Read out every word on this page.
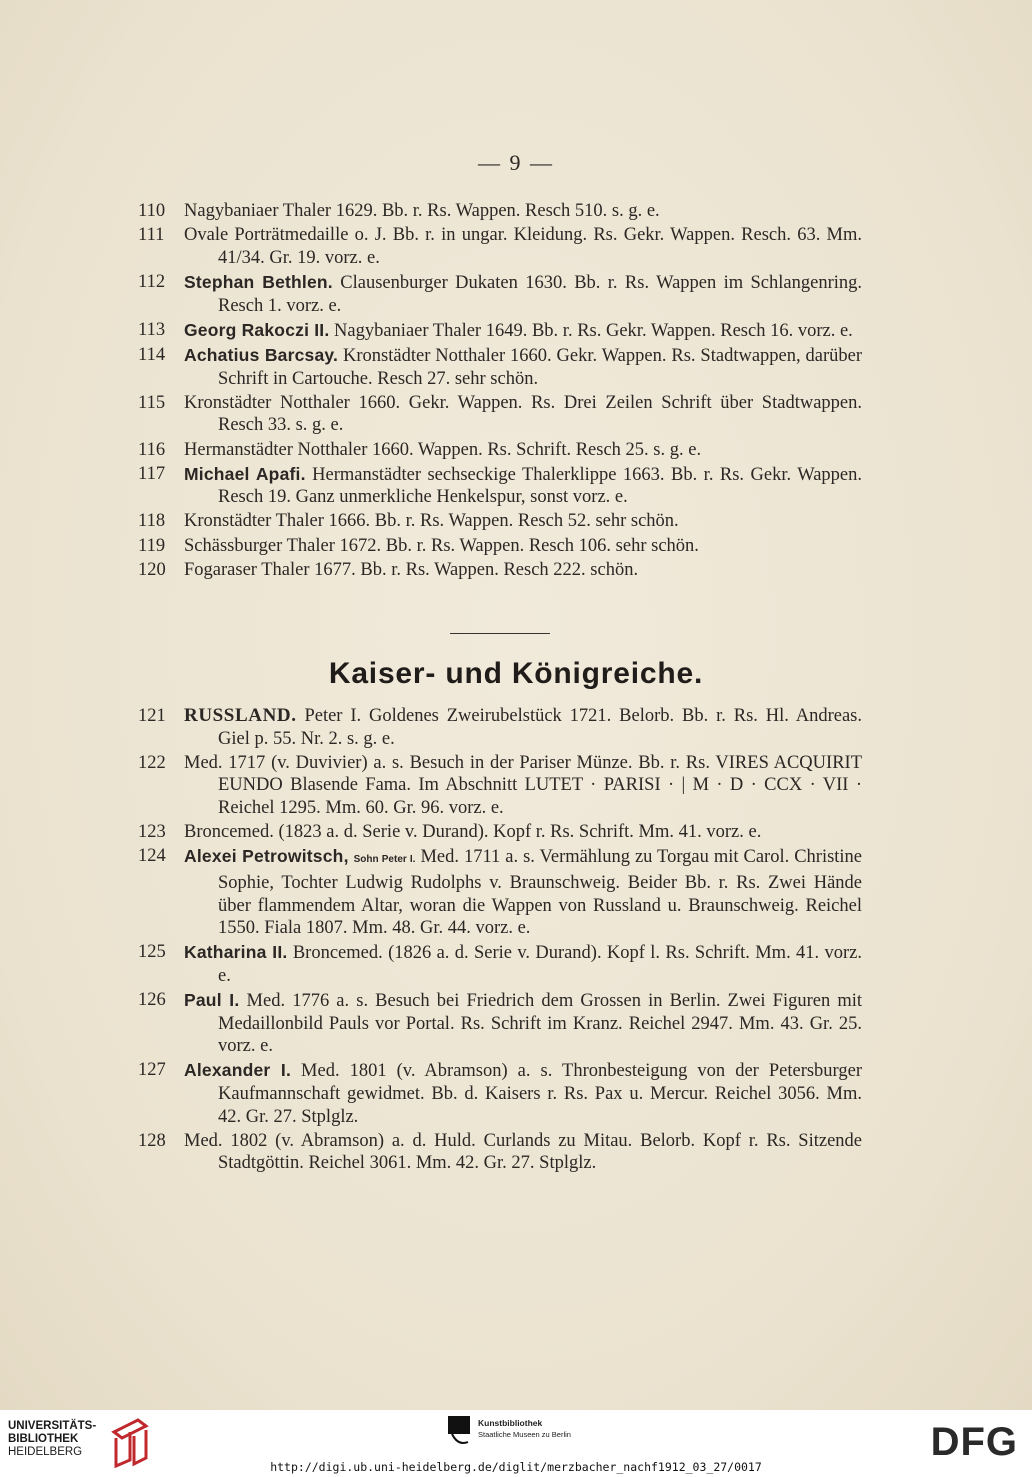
— 9 —
110	Nagybaniaer Thaler 1629. Bb. r. Rs. Wappen. Resch 510. s. g. e.
111	Ovale Porträtmedaille o. J. Bb. r. in ungar. Kleidung. Rs. Gekr. Wappen. Resch. 63. Mm. 41/34. Gr. 19. vorz. e.
112	Stephan Bethlen. Clausenburger Dukaten 1630. Bb. r. Rs. Wappen im Schlangenring. Resch 1. vorz. e.
113	Georg Rakoczi II. Nagybaniaer Thaler 1649. Bb. r. Rs. Gekr. Wappen. Resch 16. vorz. e.
114	Achatius Barcsay. Kronstädter Notthaler 1660. Gekr. Wappen. Rs. Stadtwappen, darüber Schrift in Cartouche. Resch 27. sehr schön.
115	Kronstädter Notthaler 1660. Gekr. Wappen. Rs. Drei Zeilen Schrift über Stadtwappen. Resch 33. s. g. e.
116	Hermanstädter Notthaler 1660. Wappen. Rs. Schrift. Resch 25. s. g. e.
117	Michael Apafi. Hermanstädter sechseckige Thalerklippe 1663. Bb. r. Rs. Gekr. Wappen. Resch 19. Ganz unmerkliche Henkelspur, sonst vorz. e.
118	Kronstädter Thaler 1666. Bb. r. Rs. Wappen. Resch 52. sehr schön.
119	Schässburger Thaler 1672. Bb. r. Rs. Wappen. Resch 106. sehr schön.
120 Fogaraser Thaler 1677. Bb. r. Rs. Wappen. Resch 222. schön.
Kaiser- und Königreiche.
121 RUSSLAND. Peter I. Goldenes Zweirubelstück 1721. Belorb. Bb. r. Rs. Hl. Andreas. Giel p. 55. Nr. 2. s. g. e.
122 Med. 1717 (v. Duvivier) a. s. Besuch in der Pariser Münze. Bb. r. Rs. VIRES ACQUIRIT EUNDO Blasende Fama. Im Abschnitt LUTET · PARISI · | M · D · CCX · VII · Reichel 1295. Mm. 60. Gr. 96. vorz. e.
123 Broncemed. (1823 a. d. Serie v. Durand). Kopf r. Rs. Schrift. Mm. 41. vorz. e.
124	Alexei Petrowitsch, Sohn Peter I. Med. 1711 a. s. Vermählung zu Torgau mit Carol. Christine Sophie, Tochter Ludwig Rudolphs v. Braunschweig. Beider Bb. r. Rs. Zwei Hände über flammendem Altar, woran die Wappen von Russland u. Braunschweig. Reichel 1550. Fiala 1807. Mm. 48. Gr. 44. vorz. e.
125	Katharina II. Broncemed. (1826 a. d. Serie v. Durand). Kopf l. Rs. Schrift. Mm. 41. vorz. e.
126	Paul I. Med. 1776 a. s. Besuch bei Friedrich dem Grossen in Berlin. Zwei Figuren mit Medaillonbild Pauls vor Portal. Rs. Schrift im Kranz. Reichel 2947. Mm. 43. Gr. 25. vorz. e.
127	Alexander I. Med. 1801 (v. Abramson) a. s. Thronbesteigung von der Petersburger Kaufmannschaft gewidmet. Bb. d. Kaisers r. Rs. Pax u. Mercur. Reichel 3056. Mm. 42. Gr. 27. Stplglz.
128 Med. 1802 (v. Abramson) a. d. Huld. Curlands zu Mitau. Belorb. Kopf r. Rs. Sitzende Stadtgöttin. Reichel 3061. Mm. 42. Gr. 27. Stplglz.
UNIVERSITÄTS-
BIBLIOTHEK
HEIDELBERG
Kunstbibliothek
Staatliche Museen zu Berlin	DFG
http://digi.ub.uni-heidelberg.de/diglit/merzbacher_nachf1912_03_27/0017
